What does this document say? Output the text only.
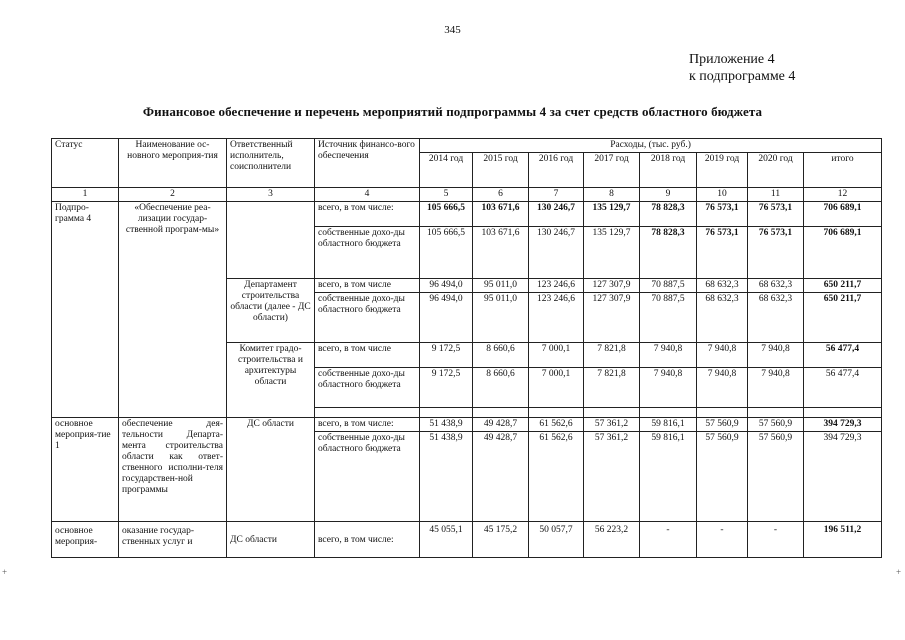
345
Приложение 4
к подпрограмме 4
Финансовое обеспечение и перечень мероприятий подпрограммы 4 за счет средств областного бюджета
Статус	Наименование ос-новного мероприя-тия	Ответственный исполнитель, соисполнители	Источник финансо-вого обеспечения	Расходы, (тыс. руб.)								
				2014 год	2015 год	2016 год	2017 год	2018 год	2019 год	2020 год	итого	
1	2	3	4	5	6	7	8	9	10	11	12	
Подпро-грамма 4	«Обеспечение реа-лизации государ-ственной програм-мы»		всего, в том числе:	105 666,5	103 671,6	130 246,7	135 129,7	78 828,3	76 573,1	76 573,1	706 689,1	
			собственные дохо-ды областного бюджета	105 666,5	103 671,6	130 246,7	135 129,7	78 828,3	76 573,1	76 573,1	706 689,1	
		Департамент строительства области (далее - ДС области)	всего, в том числе	96 494,0	95 011,0	123 246,6	127 307,9	70 887,5	68 632,3	68 632,3	650 211,7	
			собственные дохо-ды областного бюджета	96 494,0	95 011,0	123 246,6	127 307,9	70 887,5	68 632,3	68 632,3	650 211,7	
		Комитет градо-строительства и архитектуры области	всего, в том числе	9 172,5	8 660,6	7 000,1	7 821,8	7 940,8	7 940,8	7 940,8	56 477,4	
			собственные дохо-ды областного бюджета	9 172,5	8 660,6	7 000,1	7 821,8	7 940,8	7 940,8	7 940,8	56 477,4	

основное мероприя-тие 1	обеспечение дея-тельности Департа-мента строительства области как ответ-ственного исполни-теля государствен-ной программы	ДС области	всего, в том числе:	51 438,9	49 428,7	61 562,6	57 361,2	59 816,1	57 560,9	57 560,9	394 729,3	
			собственные дохо-ды областного бюджета	51 438,9	49 428,7	61 562,6	57 361,2	59 816,1	57 560,9	57 560,9	394 729,3	
основное мероприя-	оказание государ-ственных услуг и	ДС области	всего, в том числе:	45 055,1	45 175,2	50 057,7	56 223,2	-	-	-	196 511,2	
+	+
